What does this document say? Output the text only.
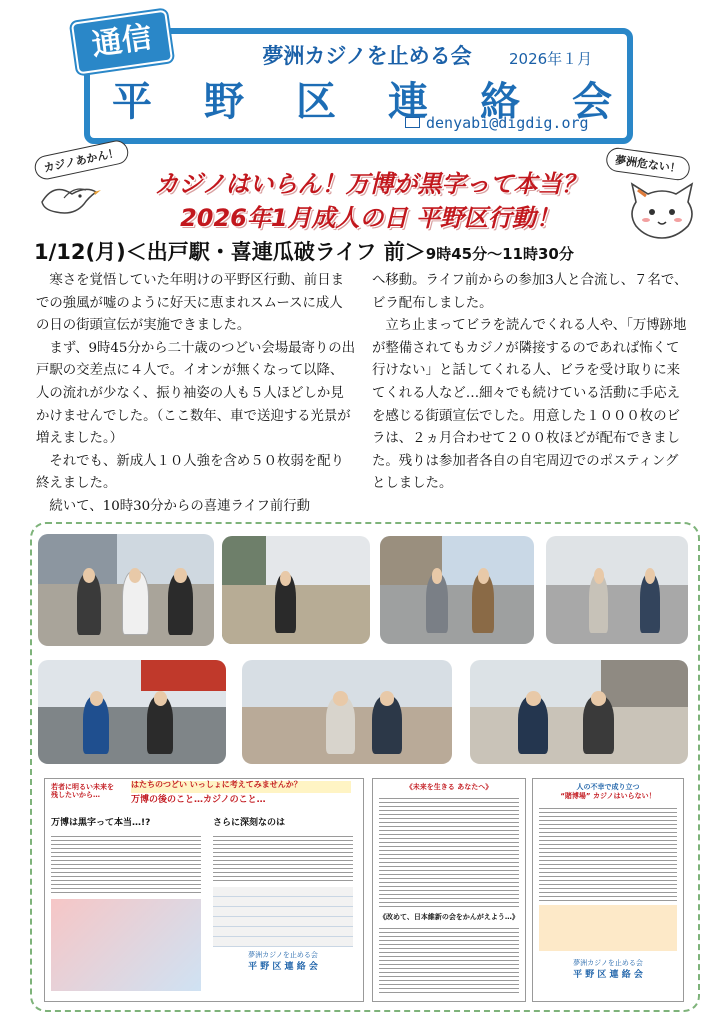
通信	夢洲カジノを止める会	2026年１月
平 野 区 連 絡 会
denyabi@digdig.org
カジノあかん！	夢洲危ない！
カジノはいらん！万博が黒字って本当？
2026年1月成人の日 平野区行動！
1/12(月)＜出戸駅・喜連瓜破ライフ 前＞9時45分～11時30分

　寒さを覚悟していた年明けの平野区行動、前日までの強風が嘘のように好天に恵まれスムースに成人の日の街頭宣伝が実施できました。

　まず、9時45分から二十歳のつどい会場最寄りの出戸駅の交差点に４人で。イオンが無くなって以降、人の流れが少なく、振り袖姿の人も５人ほどしか見かけませんでした。（ここ数年、車で送迎する光景が増えました。）

　それでも、新成人１０人強を含め５０枚弱を配り終えました。

　続いて、10時30分からの喜連ライフ前行動

へ移動。ライフ前からの参加3人と合流し、７名で、ビラ配布しました。

　立ち止まってビラを読んでくれる人や、「万博跡地が整備されてもカジノが隣接するのであれば怖くて行けない」と話してくれる人、ビラを受け取りに来てくれる人など…細々でも続けている活動に手応えを感じる街頭宣伝でした。用意した１０００枚のビラは、２ヵ月合わせて２００枚ほどが配布できました。残りは参加者各自の自宅周辺でのポスティングとしました。

若者に明るい未来を
残したいから…
はたちのつどい いっしょに考えてみませんか？
万博の後のこと…カジノのこと…
万博は黒字って本当…!?	さらに深刻なのは
夢洲カジノを止める会
平 野 区 連 絡 会
《未来を生きる あなたへ》
《改めて、日本維新の会をかんがえよう…》
人の不幸で成り立つ
“賭博場” カジノはいらない！
夢洲カジノを止める会
平 野 区 連 絡 会
